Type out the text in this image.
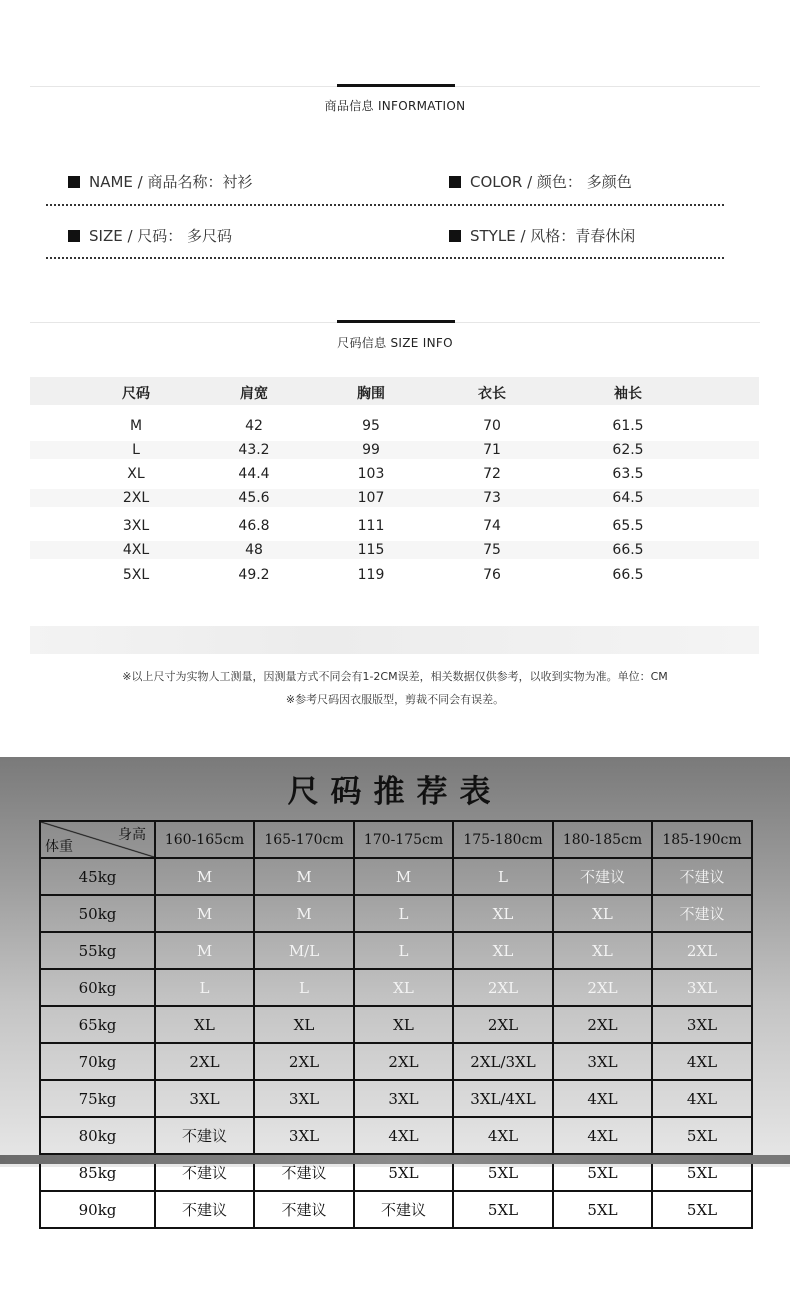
商品信息 INFORMATION
NAME / 商品名称：衬衫	COLOR / 颜色： 多颜色
SIZE / 尺码： 多尺码	STYLE / 风格：青春休闲
尺码信息 SIZE INFO
尺码	肩宽	胸围	衣长	袖长
M	42	95	70	61.5
L	43.2	99	71	62.5
XL	44.4	103	72	63.5
2XL	45.6	107	73	64.5
3XL	46.8	111	74	65.5
4XL	48	115	75	66.5
5XL	49.2	119	76	66.5
※以上尺寸为实物人工测量，因测量方式不同会有1-2CM误差，相关数据仅供参考，以收到实物为准。单位：CM
※参考尺码因衣服版型，剪裁不同会有误差。
尺码推荐表
身高
体重	160-165cm	165-170cm	170-175cm	175-180cm	180-185cm	185-190cm
45kg	M	M	M	L	不建议	不建议
50kg	M	M	L	XL	XL	不建议
55kg	M	M/L	L	XL	XL	2XL
60kg	L	L	XL	2XL	2XL	3XL
65kg	XL	XL	XL	2XL	2XL	3XL
70kg	2XL	2XL	2XL	2XL/3XL	3XL	4XL
75kg	3XL	3XL	3XL	3XL/4XL	4XL	4XL
80kg	不建议	3XL	4XL	4XL	4XL	5XL
85kg	不建议	不建议	5XL	5XL	5XL	5XL
90kg	不建议	不建议	不建议	5XL	5XL	5XL
